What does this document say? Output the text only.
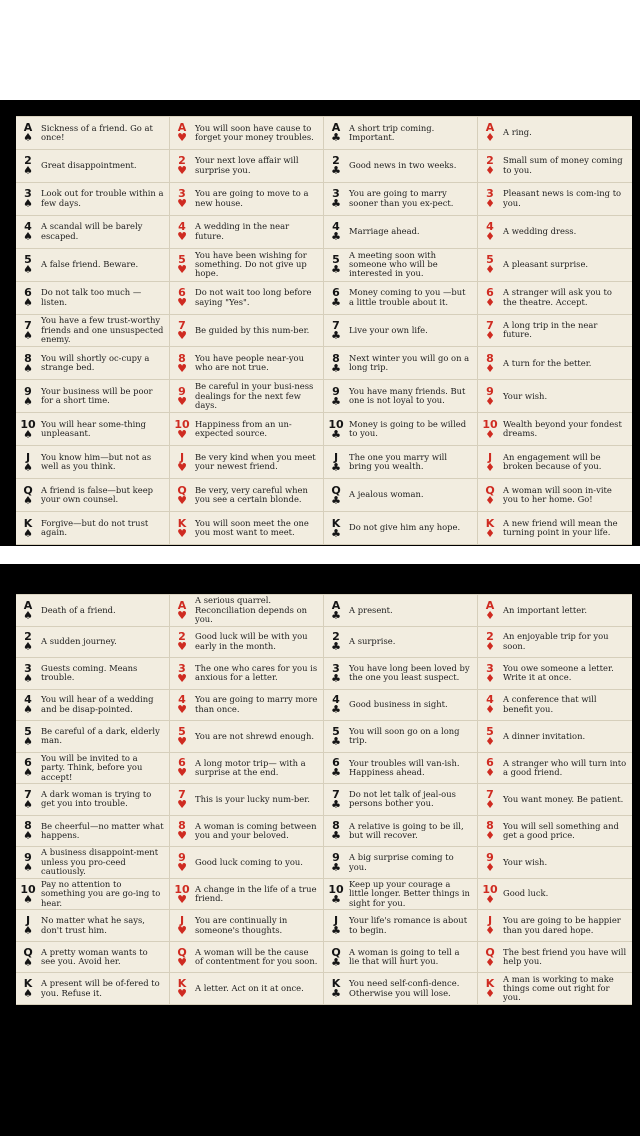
A
♠
Sickness of a friend. Go at once!
2
♠ Great disappointment.
3
♠
Look out for trouble within a few days.
4
♠
A scandal will be barely escaped.
5
♠ A false friend. Beware.
6
♠
Do not talk too much —listen.
7
♠
You have a few trust-worthy friends and one unsuspected enemy.
8
♠
You will shortly oc-cupy a strange bed.
9
♠
Your business will be poor for a short time.
10
♠
You will hear some-thing unpleasant.
J
♠
You know him—but not as well as you think.
Q
♠
A friend is false—but keep your own counsel.
K
♠
Forgive—but do not trust again.
A
♥
You will soon have cause to forget your money troubles.
2
♥
Your next love affair will surprise you.
3
♥
You are going to move to a new house.
4
♥
A wedding in the near future.
5
♥
You have been wishing for something. Do not give up hope.
6
♥
Do not wait too long before saying "Yes".
7
♥ Be guided by this num-ber.
8
♥
You have people near-you who are not true.
9
♥
Be careful in your busi-ness dealings for the next few days.
10
♥
Happiness from an un-expected source.
J
♥
Be very kind when you meet your newest friend.
Q
♥
Be very, very careful when you see a certain blonde.
K
♥
You will soon meet the one you most want to meet.
A
♣
A short trip coming. Important.
2
♣ Good news in two weeks.
3
♣
You are going to marry sooner than you ex-pect.
4
♣ Marriage ahead.
5
♣
A meeting soon with someone who will be interested in you.
6
♣
Money coming to you —but a little trouble about it.
7
♣ Live your own life.
8
♣
Next winter you will go on a long trip.
9
♣
You have many friends. But one is not loyal to you.
10
♣
Money is going to be willed to you.
J
♣
The one you marry will bring you wealth.
Q
♣ A jealous woman.
K
♣ Do not give him any hope.
A
♦ A ring.
2
♦
Small sum of money coming to you.
3
♦
Pleasant news is com-ing to you.
4
♦ A wedding dress.
5
♦ A pleasant surprise.
6
♦
A stranger will ask you to the theatre. Accept.
7
♦
A long trip in the near future.
8
♦ A turn for the better.
9
♦ Your wish.
10
♦
Wealth beyond your fondest dreams.
J
♦
An engagement will be broken because of you.
Q
♦
A woman will soon in-vite you to her home. Go!
K
♦
A new friend will mean the turning point in your life.
A
♠ Death of a friend.
2
♠ A sudden journey.
3
♠
Guests coming. Means trouble.
4
♠
You will hear of a wedding and be disap-pointed.
5
♠
Be careful of a dark, elderly man.
6
♠
You will be invited to a party. Think, before you accept!
7
♠
A dark woman is trying to get you into trouble.
8
♠
Be cheerful—no matter what happens.
9
♠
A business disappoint-ment unless you pro-ceed cautiously.
10
♠
Pay no attention to something you are go-ing to hear.
J
♠
No matter what he says, don't trust him.
Q
♠
A pretty woman wants to see you. Avoid her.
K
♠
A present will be of-fered to you. Refuse it.
A
♥
A serious quarrel. Reconciliation depends on you.
2
♥
Good luck will be with you early in the month.
3
♥
The one who cares for you is anxious for a letter.
4
♥
You are going to marry more than once.
5
♥ You are not shrewd enough.
6
♥
A long motor trip— with a surprise at the end.
7
♥ This is your lucky num-ber.
8
♥
A woman is coming between you and your beloved.
9
♥ Good luck coming to you.
10
♥
A change in the life of a true friend.
J
♥
You are continually in someone's thoughts.
Q
♥
A woman will be the cause of contentment for you soon.
K
♥ A letter. Act on it at once.
A
♣ A present.
2
♣ A surprise.
3
♣
You have long been loved by the one you least suspect.
4
♣ Good business in sight.
5
♣
You will soon go on a long trip.
6
♣
Your troubles will van-ish. Happiness ahead.
7
♣
Do not let talk of jeal-ous persons bother you.
8
♣
A relative is going to be ill, but will recover.
9
♣
A big surprise coming to you.
10
♣
Keep up your courage a little longer. Better things in sight for you.
J
♣
Your life's romance is about to begin.
Q
♣
A woman is going to tell a lie that will hurt you.
K
♣
You need self-confi-dence. Otherwise you will lose.
A
♦ An important letter.
2
♦
An enjoyable trip for you soon.
3
♦
You owe someone a letter. Write it at once.
4
♦
A conference that will benefit you.
5
♦ A dinner invitation.
6
♦
A stranger who will turn into a good friend.
7
♦ You want money. Be patient.
8
♦
You will sell something and get a good price.
9
♦ Your wish.
10
♦ Good luck.
J
♦
You are going to be happier than you dared hope.
Q
♦
The best friend you have will help you.
K
♦
A man is working to make things come out right for you.
